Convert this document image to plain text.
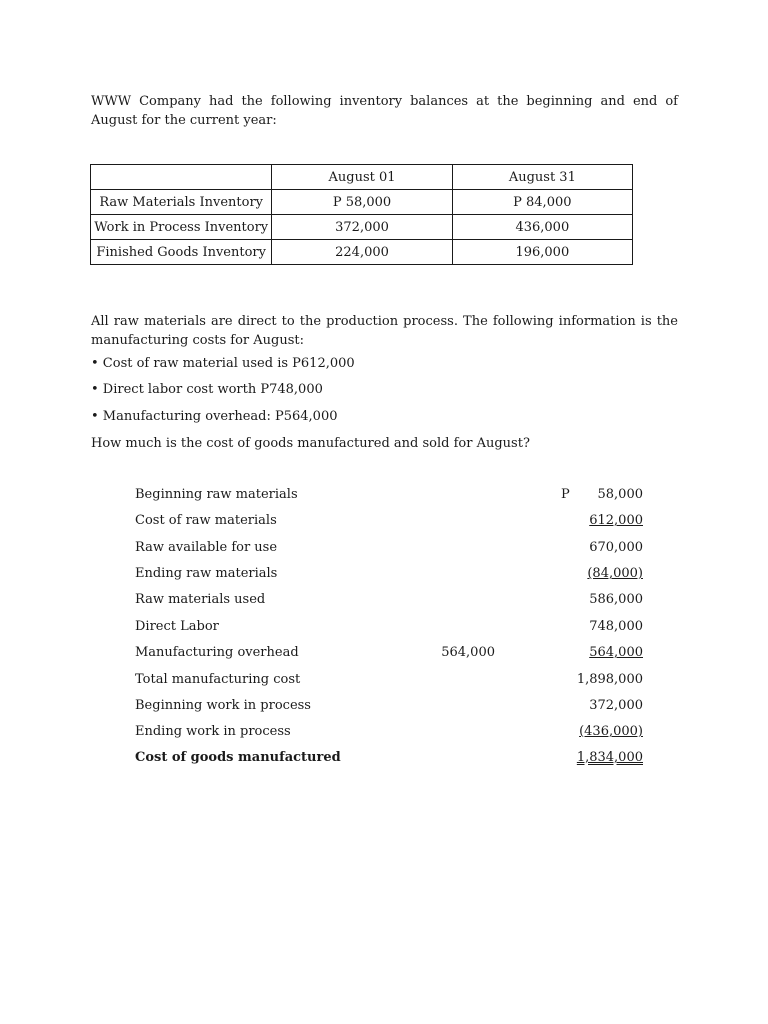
WWW Company had the following inventory balances at the beginning and end of August for the current year:

	August 01	August 31
Raw Materials Inventory	P 58,000	P 84,000
Work in Process Inventory	372,000	436,000
Finished Goods Inventory	224,000	196,000

All raw materials are direct to the production process. The following information is the manufacturing costs for August:

• Cost of raw material used is P612,000

• Direct labor cost worth P748,000

• Manufacturing overhead: P564,000

How much is the cost of goods manufactured and sold for August?
Beginning raw materials	P 58,000
Cost of raw materials	612,000
Raw available for use	670,000
Ending raw materials	(84,000)
Raw materials used	586,000
Direct Labor	748,000
Manufacturing overhead	564,000	564,000
Total manufacturing cost	1,898,000
Beginning work in process	372,000
Ending work in process	(436,000)
Cost of goods manufactured	1,834,000
